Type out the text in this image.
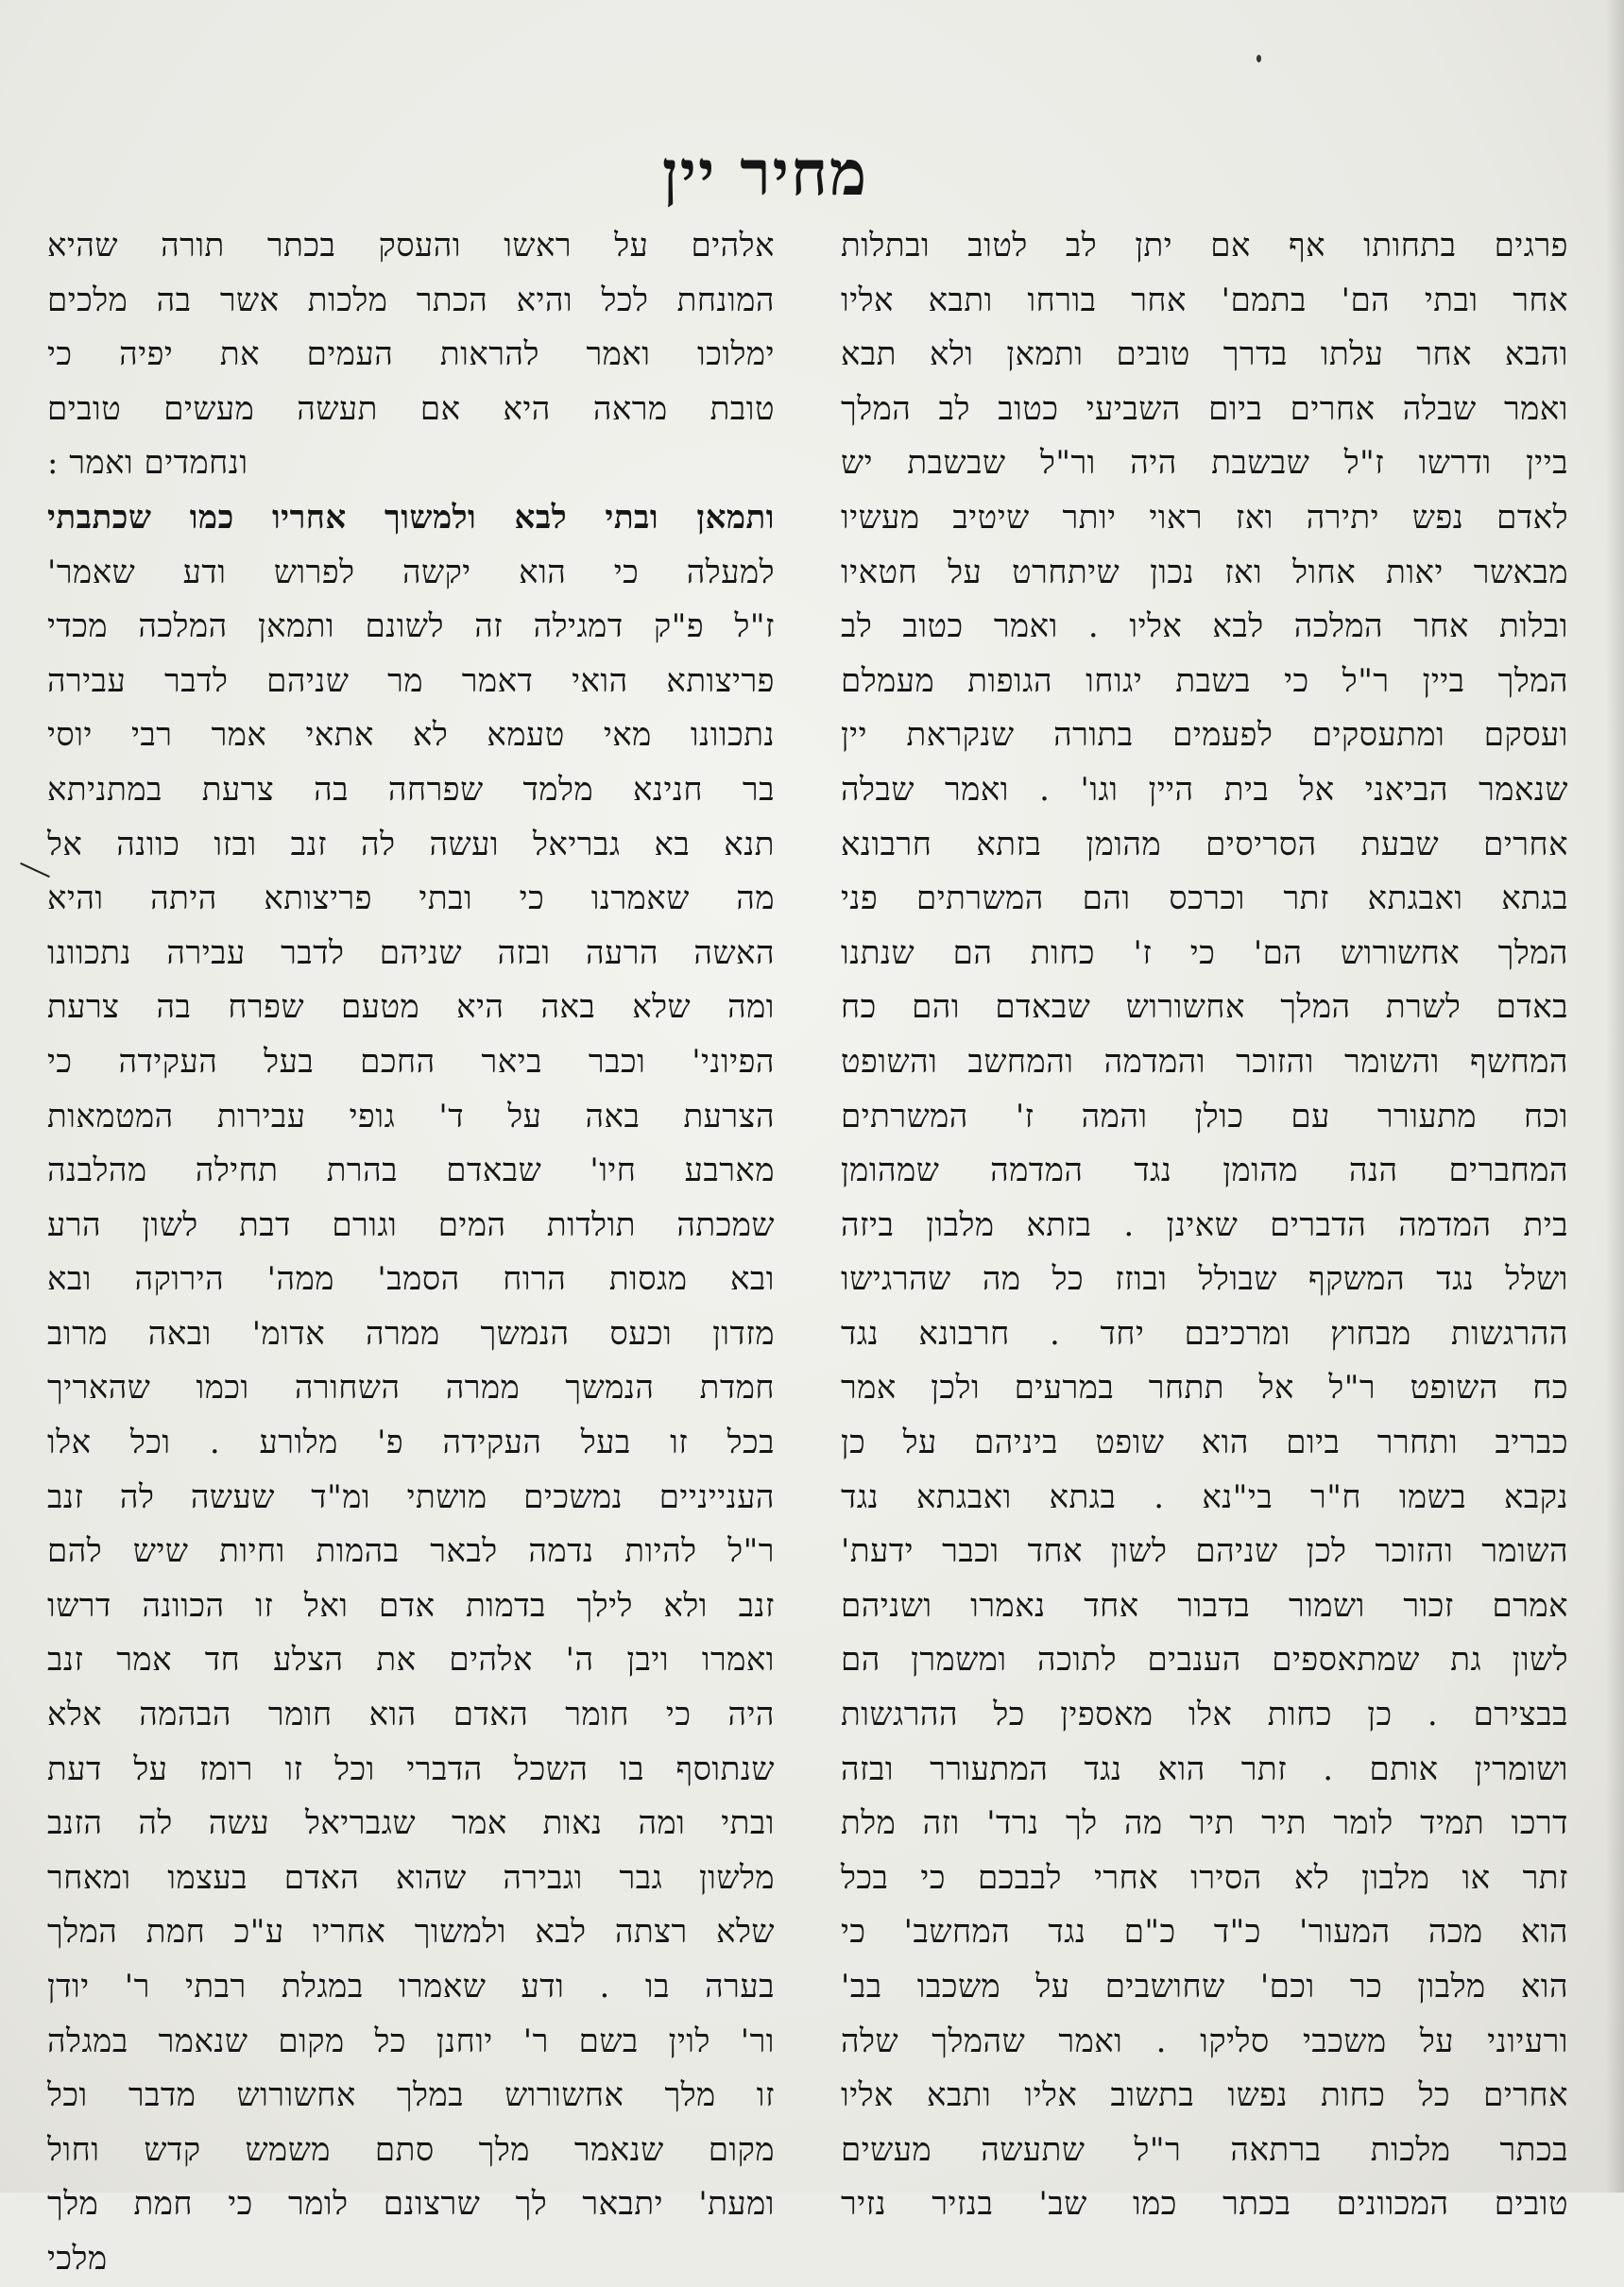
מחיר יין
פרגים בתחותו אף אם יתן לב לטוב ובתלות
אחר ובתי הם' בתמם' אחר בורחו ותבא אליו
והבא אחר עלתו בדרך טובים ותמאן ולא תבא
ואמר שבלה אחרים ביום השביעי כטוב לב המלך
ביין ודרשו ז"ל שבשבת היה ור"ל שבשבת יש
לאדם נפש יתירה ואז ראוי יותר שיטיב מעשיו
מבאשר יאות אחול ואז נכון שיתחרט על חטאיו
ובלות אחר המלכה לבא אליו . ואמר כטוב לב
המלך ביין ר"ל כי בשבת יגוחו הגופות מעמלם
ועסקם ומתעסקים לפעמים בתורה שנקראת יין
שנאמר הביאני אל בית היין וגו' . ואמר שבלה
אחרים שבעת הסריסים מהומן בזתא חרבונא
בגתא ואבגתא זתר וכרכס והם המשרתים פני
המלך אחשורוש הם' כי ז' כחות הם שנתנו
באדם לשרת המלך אחשורוש שבאדם והם כח
המחשף והשומר והזוכר והמדמה והמחשב והשופט
וכח מתעורר עם כולן והמה ז' המשרתים
המחברים הנה מהומן נגד המדמה שמהומן
בית המדמה הדברים שאינן . בזתא מלבון ביזה
ושלל נגד המשקף שבולל ובוזז כל מה שהרגישו
ההרגשות מבחוץ ומרכיבם יחד . חרבונא נגד
כח השופט ר"ל אל תתחר במרעים ולכן אמר
כבריב ותחרר ביום הוא שופט ביניהם על כן
נקבא בשמו ח"ר בי"נא . בגתא ואבגתא נגד
השומר והזוכר לכן שניהם לשון אחד וכבר ידעת'
אמרם זכור ושמור בדבור אחד נאמרו ושניהם
לשון גת שמתאספים הענבים לתוכה ומשמרן הם
בבצירם . כן כחות אלו מאספין כל ההרגשות
ושומרין אותם . זתר הוא נגד המתעורר ובזה
דרכו תמיד לומר תיר תיר מה לך נרד' וזה מלת
זתר או מלבון לא הסירו אחרי לבבכם כי בכל
הוא מכה המעור' כ"ד כ"ם נגד המחשב' כי
הוא מלבון כר וכם' שחושבים על משכבו בב'
ורעיוני על משכבי סליקו . ואמר שהמלך שלה
אחרים כל כחות נפשו בתשוב אליו ותבא אליו
בכתר מלכות ברתאה ר"ל שתעשה מעשים
טובים המכוונים בכתר כמו שב' בנזיר נזיר
אלהים על ראשו והעסק בכתר תורה שהיא
המונחת לכל והיא הכתר מלכות אשר בה מלכים
ימלוכו ואמר להראות העמים את יפיה כי
טובת מראה היא אם תעשה מעשים טובים
ונחמדים ואמר :
ותמאן ובתי לבא ולמשוך אחריו כמו שכתבתי
למעלה כי הוא יקשה לפרוש ודע שאמר'
ז"ל פ"ק דמגילה זה לשונם ותמאן המלכה מכדי
פריצותא הואי דאמר מר שניהם לדבר עבירה
נתכוונו מאי טעמא לא אתאי אמר רבי יוסי
בר חנינא מלמד שפרחה בה צרעת במתניתא
תנא בא גבריאל ועשה לה זנב ובזו כוונה אל
מה שאמרנו כי ובתי פריצותא היתה והיא
האשה הרעה ובזה שניהם לדבר עבירה נתכוונו
ומה שלא באה היא מטעם שפרח בה צרעת
הפיוני' וכבר ביאר החכם בעל העקידה כי
הצרעת באה על ד' גופי עבירות המטמאות
מארבע חיו' שבאדם בהרת תחילה מהלבנה
שמכתה תולדות המים וגורם דבת לשון הרע
ובא מגסות הרוח הסמב' ממה' הירוקה ובא
מזדון וכעס הנמשך ממרה אדומ' ובאה מרוב
חמדת הנמשך ממרה השחורה וכמו שהאריך
בכל זו בעל העקידה פ' מלורע . וכל אלו
הענייניים נמשכים מושתי ומ"ד שעשה לה זנב
ר"ל להיות נדמה לבאר בהמות וחיות שיש להם
זנב ולא לילך בדמות אדם ואל זו הכוונה דרשו
ואמרו ויבן ה' אלהים את הצלע חד אמר זנב
היה כי חומר האדם הוא חומר הבהמה אלא
שנתוסף בו השכל הדברי וכל זו רומז על דעת
ובתי ומה נאות אמר שגבריאל עשה לה הזנב
מלשון גבר וגבירה שהוא האדם בעצמו ומאחר
שלא רצתה לבא ולמשוך אחריו ע"כ חמת המלך
בערה בו . ודע שאמרו במגלת רבתי ר' יודן
ור' לוין בשם ר' יוחנן כל מקום שנאמר במגלה
זו מלך אחשורוש במלך אחשורוש מדבר וכל
מקום שנאמר מלך סתם משמש קדש וחול
ומעת' יתבאר לך שרצונם לומר כי חמת מלך
מלכי
